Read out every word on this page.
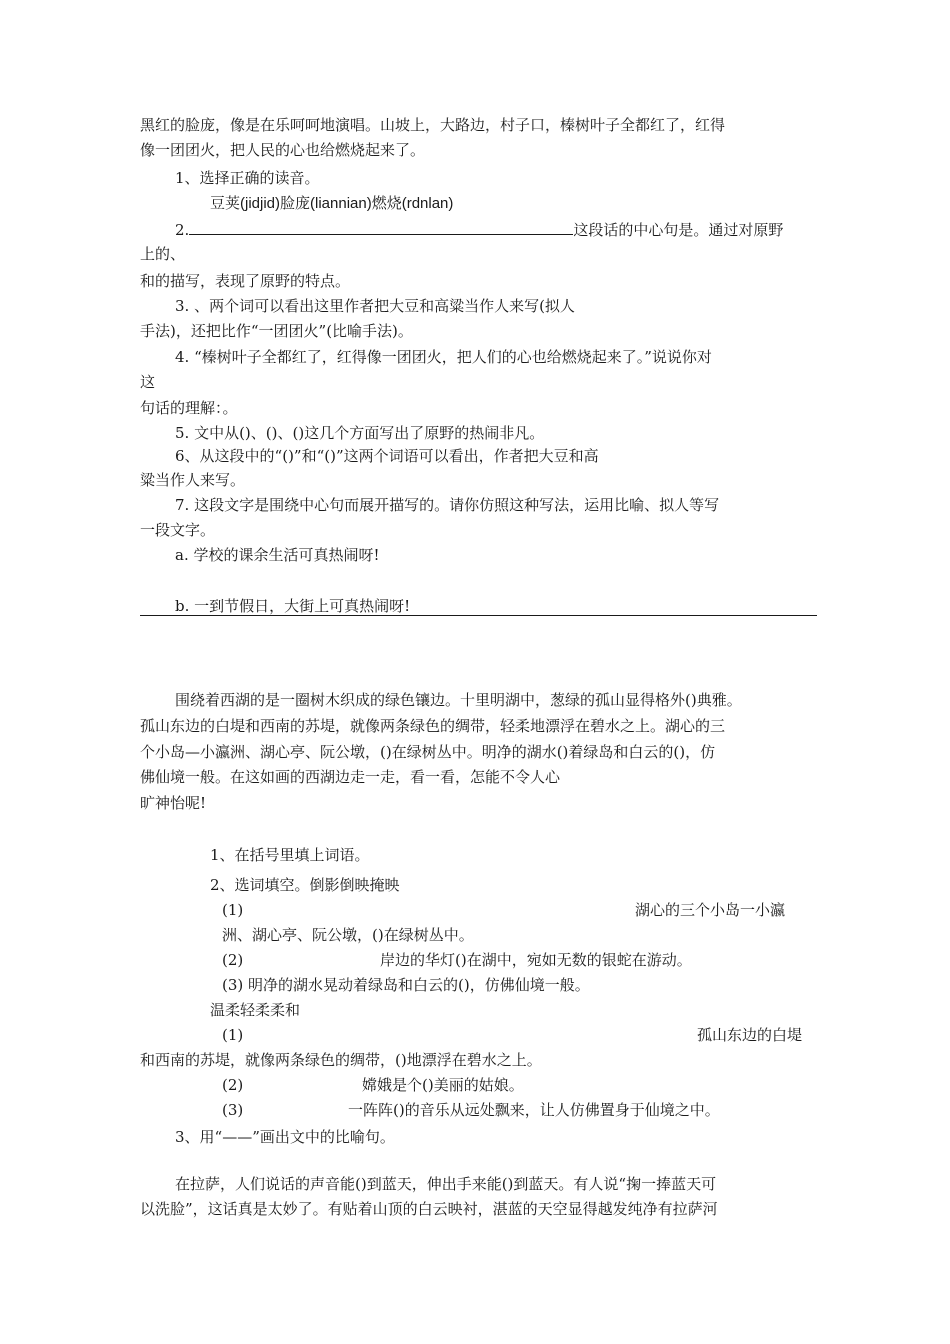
黑红的脸庞，像是在乐呵呵地演唱。山坡上，大路边，村子口，榛树叶子全都红了，红得
像一团团火，把人民的心也给燃烧起来了。
1、选择正确的读音。
豆荚(jidjid)脸庞(liannian)燃烧(rdnlan)
2.	这段话的中心句是。通过对原野
上的、
和的描写，表现了原野的特点。
3. 、两个词可以看出这里作者把大豆和高粱当作人来写(拟人
手法)，还把比作“一团团火”(比喻手法)。
4. “榛树叶子全都红了，红得像一团团火，把人们的心也给燃烧起来了。”说说你对
这
句话的理解：。
5. 文中从()、()、()这几个方面写出了原野的热闹非凡。
6、从这段中的“()”和“()”这两个词语可以看出，作者把大豆和高
粱当作人来写。
7. 这段文字是围绕中心句而展开描写的。请你仿照这种写法，运用比喻、拟人等写
一段文字。
a. 学校的课余生活可真热闹呀!
b. 一到节假日，大街上可真热闹呀!
围绕着西湖的是一圈树木织成的绿色镶边。十里明湖中，葱绿的孤山显得格外()典雅。
孤山东边的白堤和西南的苏堤，就像两条绿色的绸带，轻柔地漂浮在碧水之上。湖心的三
个小岛—小瀛洲、湖心亭、阮公墩，()在绿树丛中。明净的湖水()着绿岛和白云的()，仿
佛仙境一般。在这如画的西湖边走一走，看一看，怎能不令人心
旷神怡呢!
1、在括号里填上词语。
2、选词填空。倒影倒映掩映
(1)	湖心的三个小岛一小瀛
洲、湖心亭、阮公墩，()在绿树丛中。
(2)	岸边的华灯()在湖中，宛如无数的银蛇在游动。
(3) 明净的湖水晃动着绿岛和白云的()，仿佛仙境一般。
温柔轻柔柔和
(1)	孤山东边的白堤
和西南的苏堤，就像两条绿色的绸带，()地漂浮在碧水之上。
(2)	嫦娥是个()美丽的姑娘。
(3)	一阵阵()的音乐从远处飘来，让人仿佛置身于仙境之中。
3、用“——”画出文中的比喻句。
在拉萨，人们说话的声音能()到蓝天，伸出手来能()到蓝天。有人说“掬一捧蓝天可
以洗脸”，这话真是太妙了。有贴着山顶的白云映衬，湛蓝的天空显得越发纯净有拉萨河
